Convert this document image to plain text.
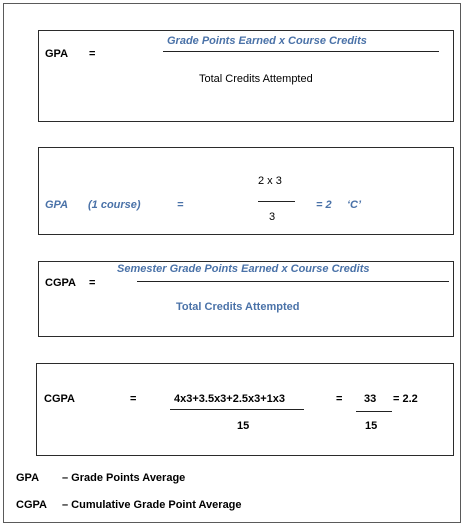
GPA =
Grade Points Earned x Course Credits
Total Credits Attempted
GPA (1 course)	=
2 x 3
3
= 2 ‘C’
CGPA =
Semester Grade Points Earned x Course Credits
Total Credits Attempted
CGPA	=	4x3+3.5x3+2.5x3+1x3
15
= 33
15
= 2.2
GPA – Grade Points Average
CGPA – Cumulative Grade Point Average
